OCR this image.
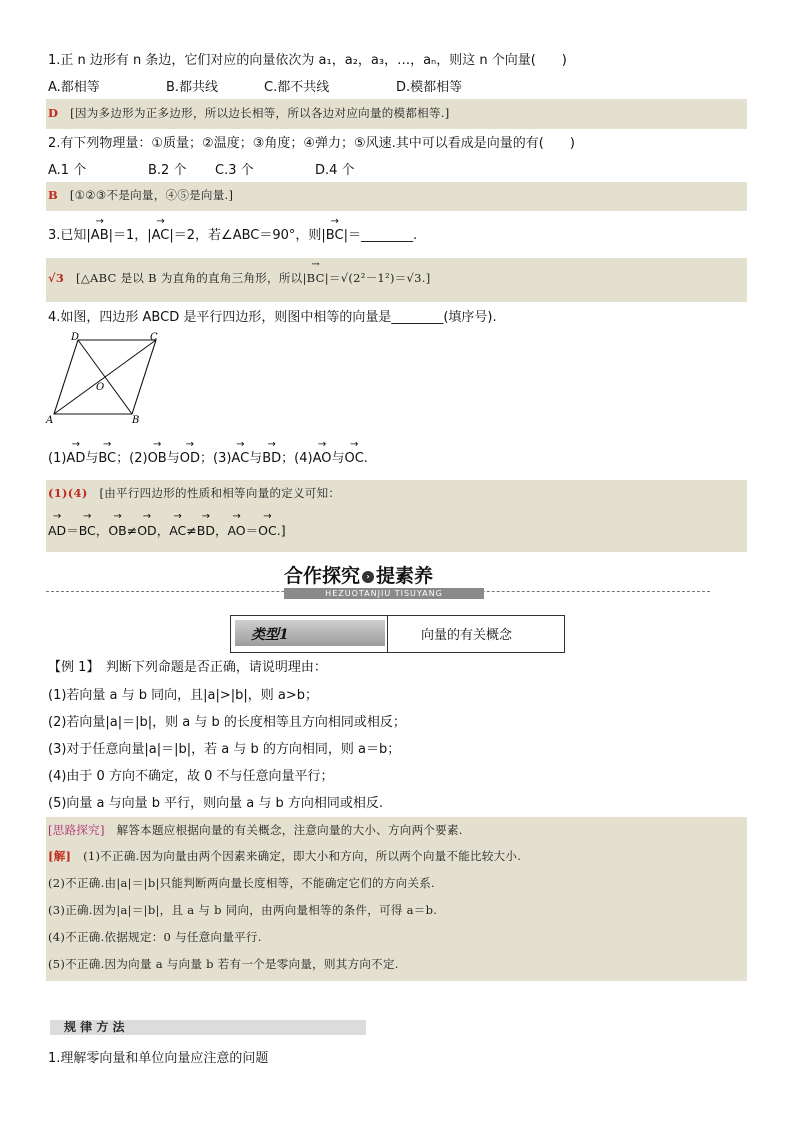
1.正 n 边形有 n 条边，它们对应的向量依次为 a₁，a₂，a₃，…，aₙ，则这 n 个向量(　　)
A.都相等	B.都共线	C.都不共线	D.模都相等
D [因为多边形为正多边形，所以边长相等，所以各边对应向量的模都相等.]
2.有下列物理量：①质量；②温度；③角度；④弹力；⑤风速.其中可以看成是向量的有(　　)
A.1 个	B.2 个 C.3 个	D.4 个
B [①②③不是向量，④⑤是向量.]
3.已知|→ AB|＝1，|→ AC|＝2，若∠ABC＝90°，则|→ BC|＝________.
√3 [△ABC 是以 B 为直角的直角三角形，所以|→ BC|＝√(2²－1²)＝√3.]
4.如图，四边形 ABCD 是平行四边形，则图中相等的向量是________(填序号).
A	B
C
D
O
(1)→ AD与→ BC；(2)→ OB与→ OD；(3)→ AC与→ BD；(4)→ AO与→ OC.
(1)(4) [由平行四边形的性质和相等向量的定义可知：
→ AD＝→ BC，→ OB≠→ OD，→ AC≠→ BD，→ AO＝→ OC.]
合作探究 › 提素养
HEZUOTANJIU TISUYANG
类型1	向量的有关概念
【例 1】　判断下列命题是否正确，请说明理由：
(1)若向量 a 与 b 同向，且|a|>|b|，则 a>b；
(2)若向量|a|＝|b|，则 a 与 b 的长度相等且方向相同或相反；
(3)对于任意向量|a|＝|b|，若 a 与 b 的方向相同，则 a＝b；
(4)由于 0 方向不确定，故 0 不与任意向量平行；
(5)向量 a 与向量 b 平行，则向量 a 与 b 方向相同或相反.
[思路探究]　解答本题应根据向量的有关概念，注意向量的大小、方向两个要素.
[解]　(1)不正确.因为向量由两个因素来确定，即大小和方向，所以两个向量不能比较大小.
(2)不正确.由|a|＝|b|只能判断两向量长度相等，不能确定它们的方向关系.
(3)正确.因为|a|＝|b|，且 a 与 b 同向，由两向量相等的条件，可得 a＝b.
(4)不正确.依据规定：0 与任意向量平行.
(5)不正确.因为向量 a 与向量 b 若有一个是零向量，则其方向不定.
规 律 方 法
1.理解零向量和单位向量应注意的问题
